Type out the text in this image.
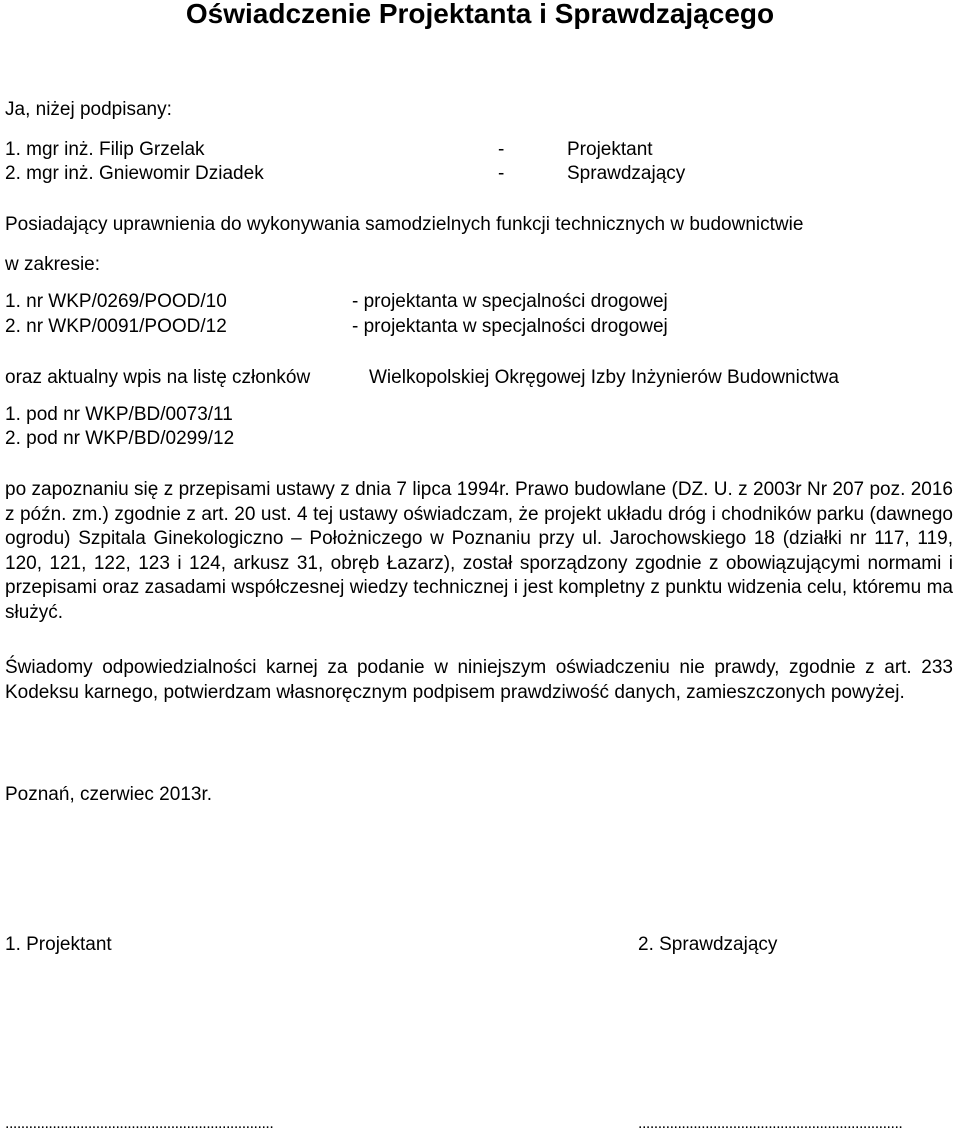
Oświadczenie Projektanta i Sprawdzającego
Ja, niżej podpisany:
1. mgr inż. Filip Grzelak	-	Projektant
2. mgr inż. Gniewomir Dziadek	-	Sprawdzający
Posiadający uprawnienia do wykonywania samodzielnych funkcji technicznych w budownictwie
w zakresie:
1. nr WKP/0269/POOD/10	- projektanta w specjalności drogowej
2. nr WKP/0091/POOD/12	- projektanta w specjalności drogowej
oraz aktualny wpis na listę członków	Wielkopolskiej Okręgowej Izby Inżynierów Budownictwa
1. pod nr WKP/BD/0073/11
2. pod nr WKP/BD/0299/12

po zapoznaniu się z przepisami ustawy z dnia 7 lipca 1994r. Prawo budowlane (DZ. U. z 2003r Nr 207 poz. 2016 z późn. zm.) zgodnie z art. 20 ust. 4 tej ustawy oświadczam, że projekt układu dróg i chodników parku (dawnego ogrodu) Szpitala Ginekologiczno – Położniczego w Poznaniu przy ul. Jarochowskiego 18 (działki nr 117, 119, 120, 121, 122, 123 i 124, arkusz 31, obręb Łazarz), został sporządzony zgodnie z obowiązującymi normami i przepisami oraz zasadami współczesnej wiedzy technicznej i jest kompletny z punktu widzenia celu, któremu ma służyć.

Świadomy odpowiedzialności karnej za podanie w niniejszym oświadczeniu nie prawdy, zgodnie z art. 233 Kodeksu karnego, potwierdzam własnoręcznym podpisem prawdziwość danych, zamieszczonych powyżej.

Poznań, czerwiec 2013r.
1. Projektant	2. Sprawdzający
....................................................................	...................................................................
